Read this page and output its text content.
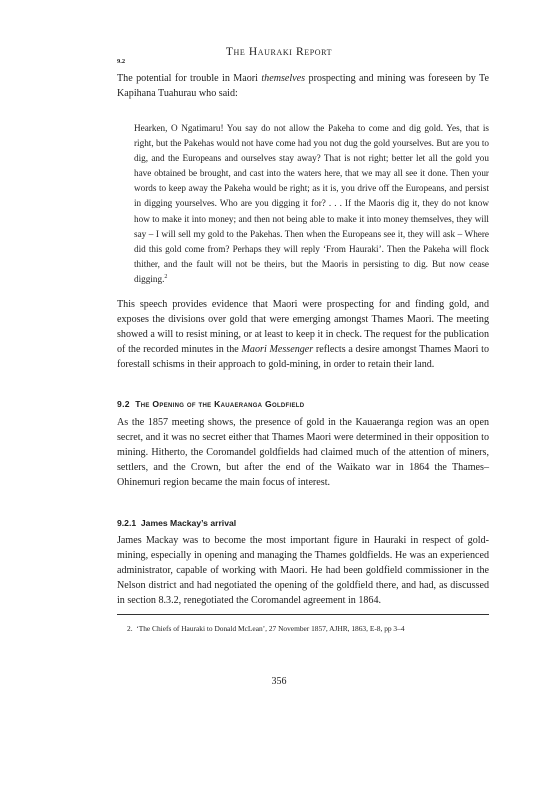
The Hauraki Report
9.2
The potential for trouble in Maori themselves prospecting and mining was foreseen by Te Kapihana Tuahurau who said:
Hearken, O Ngatimaru! You say do not allow the Pakeha to come and dig gold. Yes, that is right, but the Pakehas would not have come had you not dug the gold yourselves. But are you to dig, and the Europeans and ourselves stay away? That is not right; better let all the gold you have obtained be brought, and cast into the waters here, that we may all see it done. Then your words to keep away the Pakeha would be right; as it is, you drive off the Europeans, and persist in digging yourselves. Who are you digging it for? . . . If the Maoris dig it, they do not know how to make it into money; and then not being able to make it into money themselves, they will say – I will sell my gold to the Pakehas. Then when the Europeans see it, they will ask – Where did this gold come from? Perhaps they will reply ‘From Hauraki’. Then the Pakeha will flock thither, and the fault will not be theirs, but the Maoris in persisting to dig. But now cease digging.$^2$
This speech provides evidence that Maori were prospecting for and finding gold, and exposes the divisions over gold that were emerging amongst Thames Maori. The meeting showed a will to resist mining, or at least to keep it in check. The request for the publication of the recorded minutes in the Maori Messenger reflects a desire amongst Thames Maori to forestall schisms in their approach to gold-mining, in order to retain their land.
9.2 The Opening of the Kauaeranga Goldfield
As the 1857 meeting shows, the presence of gold in the Kauaeranga region was an open secret, and it was no secret either that Thames Maori were determined in their opposition to mining. Hitherto, the Coromandel goldfields had claimed much of the attention of miners, settlers, and the Crown, but after the end of the Waikato war in 1864 the Thames–Ohinemuri region became the main focus of interest.
9.2.1 James Mackay’s arrival
James Mackay was to become the most important figure in Hauraki in respect of gold-mining, especially in opening and managing the Thames goldfields. He was an experienced administrator, capable of working with Maori. He had been goldfield commissioner in the Nelson district and had negotiated the opening of the goldfield there, and had, as discussed in section 8.3.2, renegotiated the Coromandel agreement in 1864.
2. ‘The Chiefs of Hauraki to Donald McLean’, 27 November 1857, AJHR, 1863, E-8, pp 3–4
356
